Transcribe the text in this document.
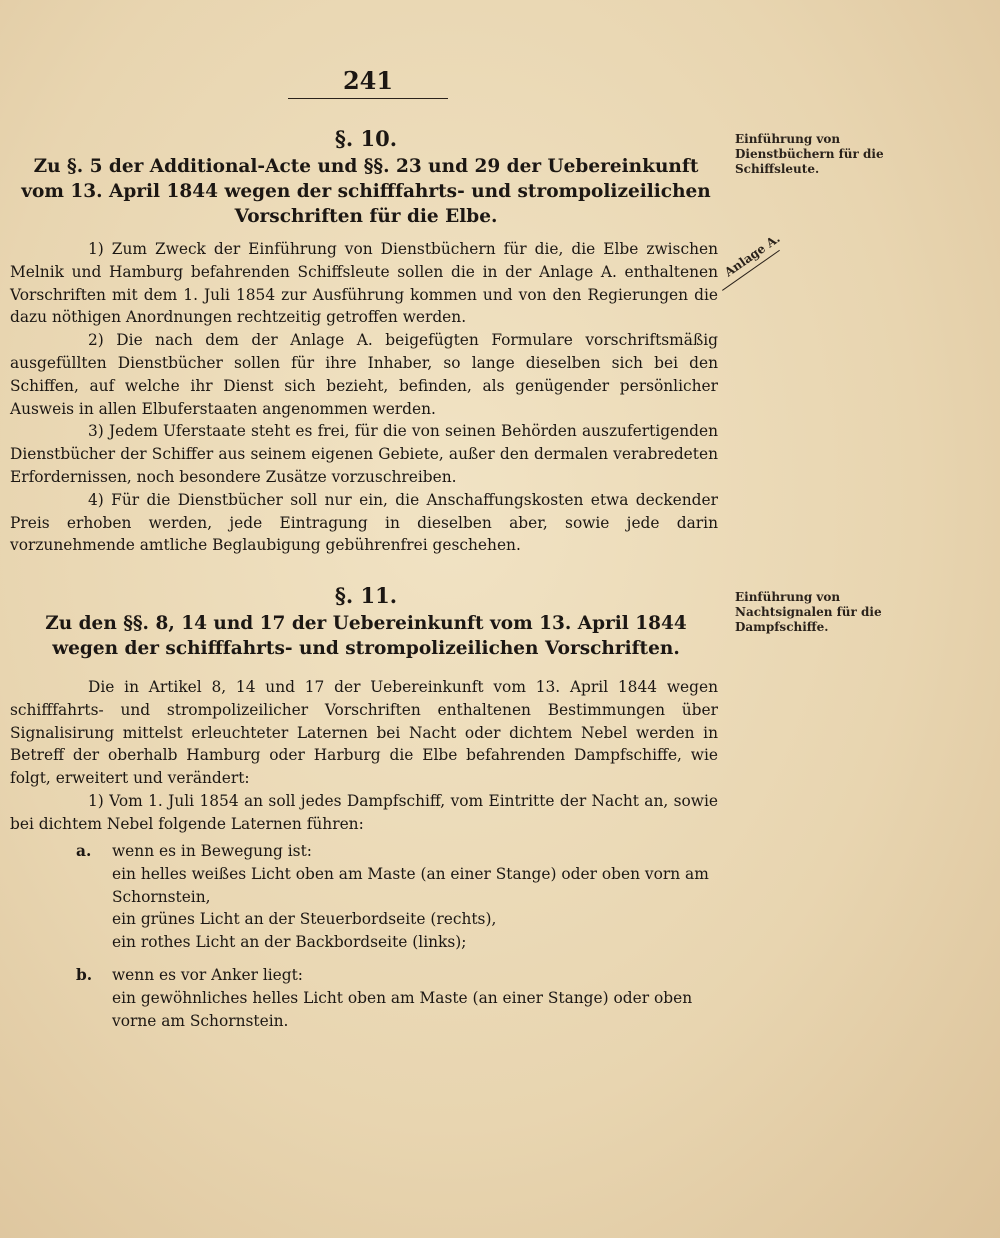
241
§. 10.
Zu §. 5 der Additional-Acte und §§. 23 und 29 der Uebereinkunft vom 13. April 1844 wegen der schifffahrts- und strompolizeilichen Vorschriften für die Elbe.
Einführung von Dienstbüchern für die Schiffsleute.
Anlage A.

1) Zum Zweck der Einführung von Dienstbüchern für die, die Elbe zwischen Melnik und Hamburg befahrenden Schiffsleute sollen die in der Anlage A. enthaltenen Vorschriften mit dem 1. Juli 1854 zur Ausführung kommen und von den Regierungen die dazu nöthigen Anordnungen rechtzeitig getroffen werden.

2) Die nach dem der Anlage A. beigefügten Formulare vorschriftsmäßig ausgefüllten Dienstbücher sollen für ihre Inhaber, so lange dieselben sich bei den Schiffen, auf welche ihr Dienst sich bezieht, befinden, als genügender persönlicher Ausweis in allen Elbuferstaaten angenommen werden.

3) Jedem Uferstaate steht es frei, für die von seinen Behörden auszufertigenden Dienstbücher der Schiffer aus seinem eigenen Gebiete, außer den dermalen verabredeten Erfordernissen, noch besondere Zusätze vorzuschreiben.

4) Für die Dienstbücher soll nur ein, die Anschaffungskosten etwa deckender Preis erhoben werden, jede Eintragung in dieselben aber, sowie jede darin vorzunehmende amtliche Beglaubigung gebührenfrei geschehen.

§. 11.
Zu den §§. 8, 14 und 17 der Uebereinkunft vom 13. April 1844 wegen der schifffahrts- und strompolizeilichen Vorschriften.
Einführung von Nachtsignalen für die Dampfschiffe.

Die in Artikel 8, 14 und 17 der Uebereinkunft vom 13. April 1844 wegen schifffahrts- und strompolizeilicher Vorschriften enthaltenen Bestimmungen über Signalisirung mittelst erleuchteter Laternen bei Nacht oder dichtem Nebel werden in Betreff der oberhalb Hamburg oder Harburg die Elbe befahrenden Dampfschiffe, wie folgt, erweitert und verändert:

1) Vom 1. Juli 1854 an soll jedes Dampfschiff, vom Eintritte der Nacht an, sowie bei dichtem Nebel folgende Laternen führen:

a. wenn es in Bewegung ist:

ein helles weißes Licht oben am Maste (an einer Stange) oder oben vorn am Schornstein,

ein grünes Licht an der Steuerbordseite (rechts),

ein rothes Licht an der Backbordseite (links);

b. wenn es vor Anker liegt:

ein gewöhnliches helles Licht oben am Maste (an einer Stange) oder oben vorne am Schornstein.
